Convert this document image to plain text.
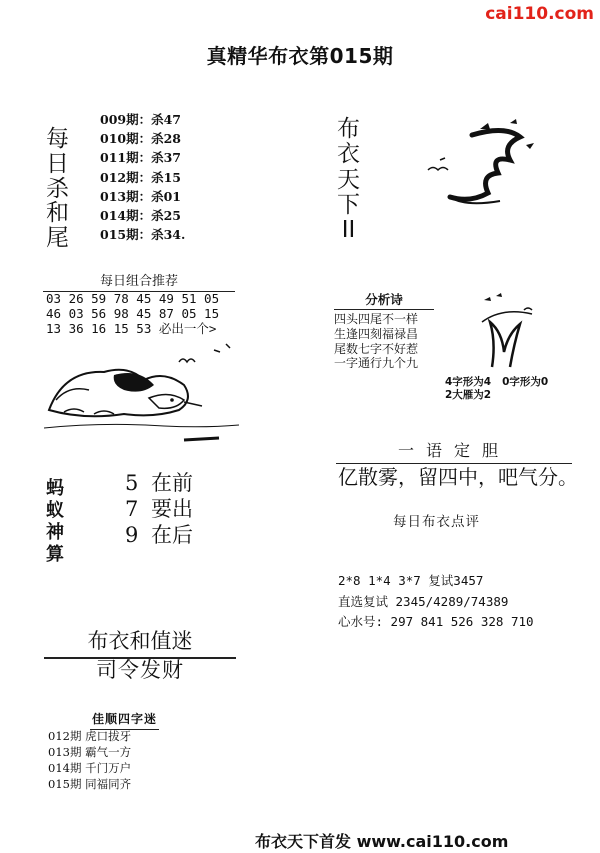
cai110.com
真精华布衣第015期
每
日
杀
和
尾
009期：杀47
010期：杀28
011期：杀37
012期：杀15
013期：杀01
014期：杀25
015期：杀34.
每日组合推荐
03 26 59 78 45 49 51 05
46 03 56 98 45 87 05 15
13 36 16 15 53 必出一个>
蚂
蚁
神
算
5 在前
7 要出
9 在后
布衣和值迷
司令发财
佳顺四字迷
012期 虎口拔牙
013期 霸气一方
014期 千门万户
015期 同福同齐
布
衣
天
下
II
分析诗
四头四尾不一样
生逢四刻福禄昌
尾数七字不好惹
一字通行九个九
4字形为4 0字形为0
2大雁为2
一语定胆
亿散雾，留四中，吧气分。
每日布衣点评
2*8 1*4 3*7 复试3457
直选复试 2345/4289/74389
心水号: 297 841 526 328 710
布衣天下首发 www.cai110.com
